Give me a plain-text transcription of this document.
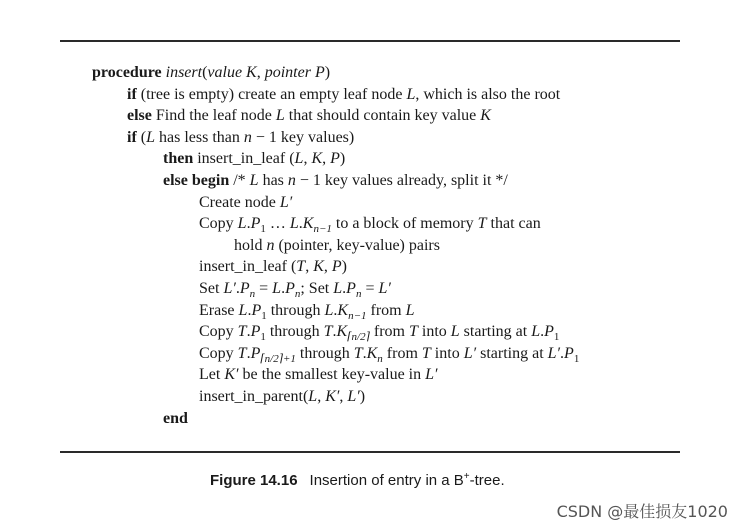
procedure insert(value K, pointer P)
if (tree is empty) create an empty leaf node L, which is also the root
else Find the leaf node L that should contain key value K
if (L has less than n − 1 key values)
then insert_in_leaf (L, K, P)
else begin /* L has n − 1 key values already, split it */
Create node L′
Copy $L.P_1$ … $L.K_{n-1}$ to a block of memory T that can
hold n (pointer, key-value) pairs
insert_in_leaf (T, K, P)
Set $L'.P_n = L.P_n$; Set $L.P_n = L'$
Erase $L.P_1$ through $L.K_{n-1}$ from L
Copy $T.P_1$ through $T.K_{⌈n/2⌉}$ from T into L starting at $L.P_1$
Copy $T.P_{⌈n/2⌉+1}$ through $T.K_n$ from T into L′ starting at $L'.P_1$
Let K′ be the smallest key-value in L′
insert_in_parent(L, K′, L′)
end
Figure 14.16 Insertion of entry in a B+-tree.
CSDN @最佳损友1020
